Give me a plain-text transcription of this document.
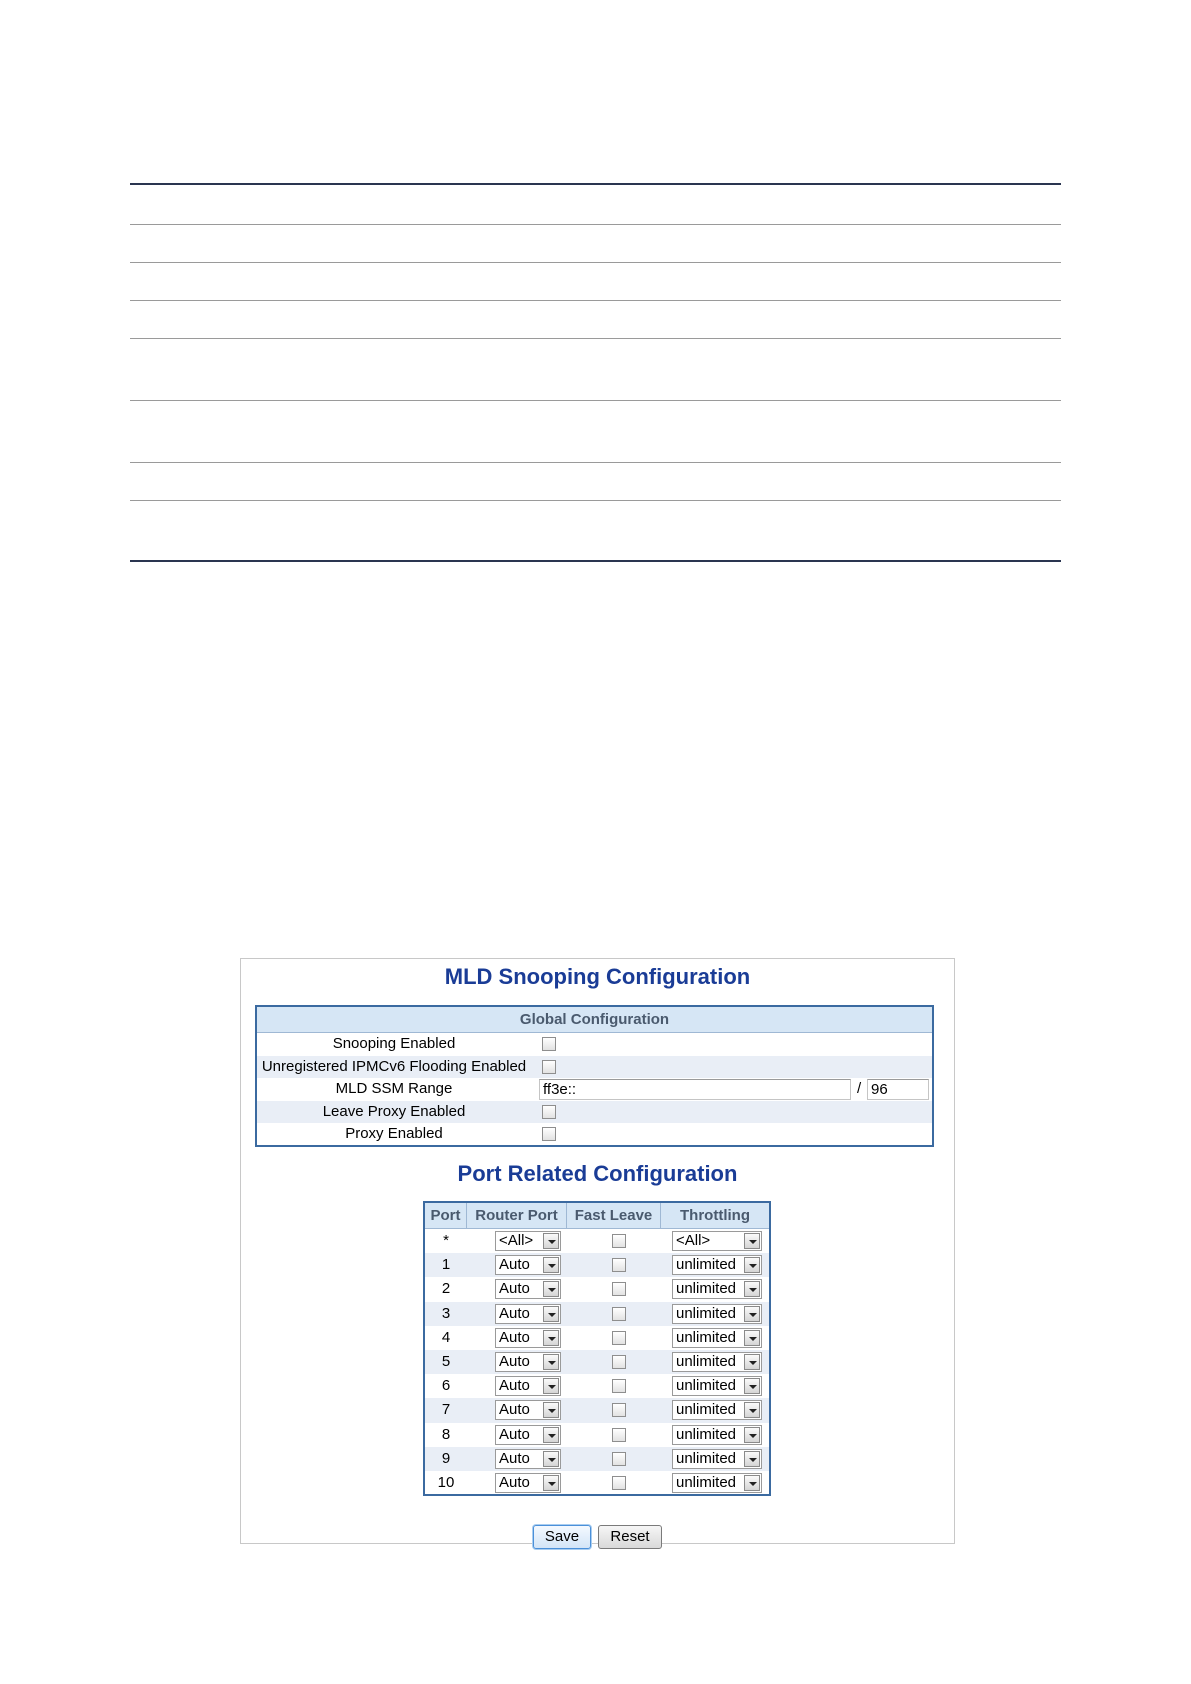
MLD Snooping Configuration
Global Configuration
Snooping Enabled
Unregistered IPMCv6 Flooding Enabled
MLD SSM Range	ff3e::	/ 96
Leave Proxy Enabled
Proxy Enabled
Port Related Configuration
Port Router Port	Fast Leave	Throttling
*	<All>	<All>
1	Auto	unlimited
2	Auto	unlimited
3	Auto	unlimited
4	Auto	unlimited
5	Auto	unlimited
6	Auto	unlimited
7	Auto	unlimited
8	Auto	unlimited
9	Auto	unlimited
10	Auto	unlimited
Save	Reset
